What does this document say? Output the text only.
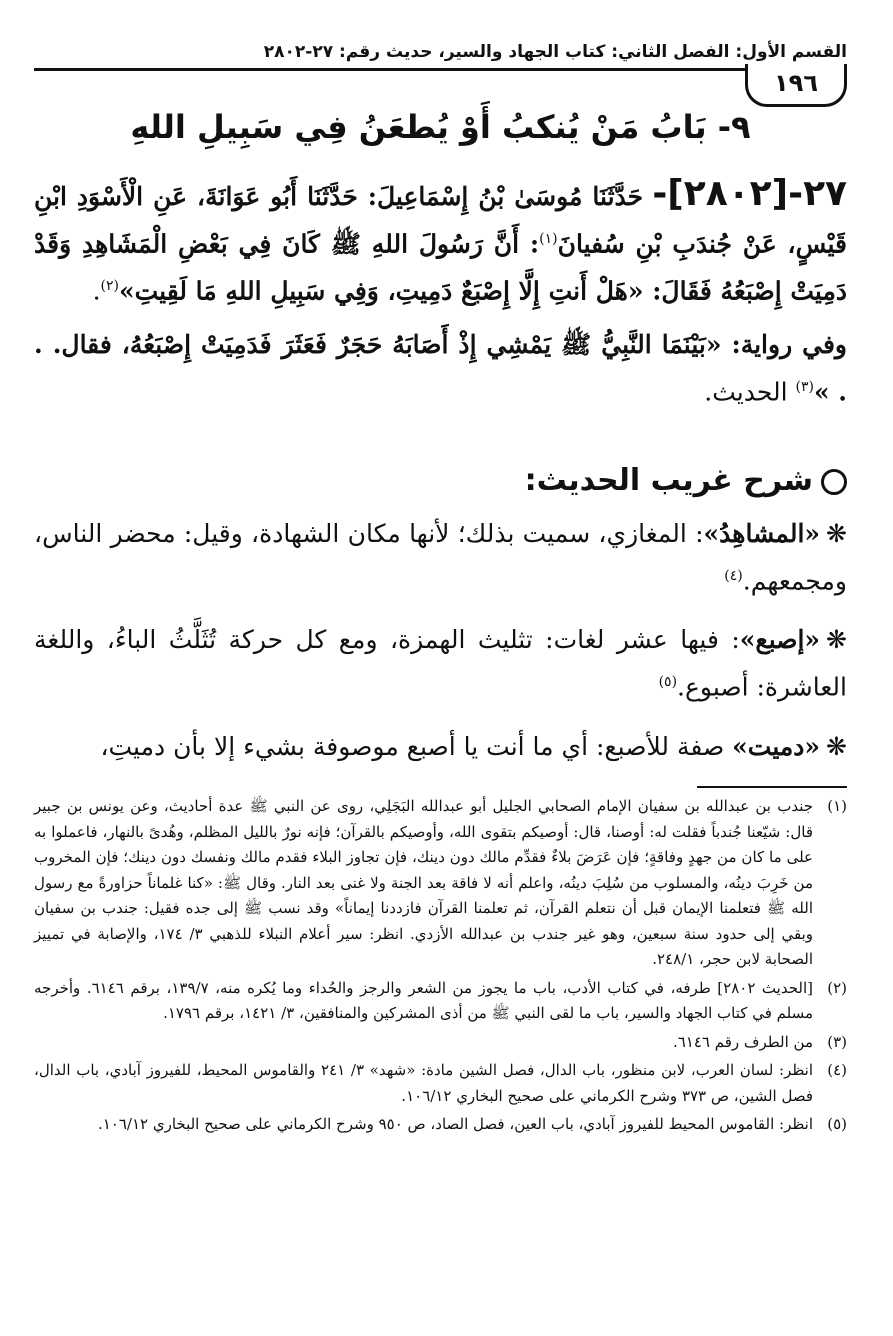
القسم الأول: الفصل الثاني: كتاب الجهاد والسير، حديث رقم: ٢٧-٢٨٠٢
١٩٦
٩- بَابُ مَنْ يُنكبُ أَوْ يُطعَنُ فِي سَبِيلِ اللهِ

٢٧-[٢٨٠٢]- حَدَّثَنَا مُوسَىٰ بْنُ إِسْمَاعِيلَ: حَدَّثَنَا أَبُو عَوَانَةَ، عَنِ الْأَسْوَدِ ابْنِ قَيْسٍ، عَنْ جُندَبِ بْنِ سُفيانَ$^{(١)}$: أَنَّ رَسُولَ اللهِ ﷺ كَانَ فِي بَعْضِ الْمَشَاهِدِ وَقَدْ دَمِيَتْ إِصْبَعُهُ فَقَالَ: «هَلْ أَنتِ إِلَّا إِصْبَعٌ دَمِيتِ، وَفِي سَبِيلِ اللهِ مَا لَقِيتِ»$^{(٢)}$.

وفي رواية: «بَيْنَمَا النَّبِيُّ ﷺ يَمْشِي إِذْ أَصَابَهُ حَجَرٌ فَعَثَرَ فَدَمِيَتْ إِصْبَعُهُ، فقال. . . »$^{(٣)}$ الحديث.

شرح غريب الحديث:

❋«المشاهِدُ»: المغازي، سميت بذلك؛ لأنها مكان الشهادة، وقيل: محضر الناس، ومجمعهم.$^{(٤)}$

❋«إصبع»: فيها عشر لغات: تثليث الهمزة، ومع كل حركة تُثَلَّثُ الباءُ، واللغة العاشرة: أصبوع.$^{(٥)}$

❋«دميت» صفة للأصبع: أي ما أنت يا أصبع موصوفة بشيء إلا بأن دميتِ،

(١)
جندب بن عبدالله بن سفيان الإمام الصحابي الجليل أبو عبدالله البَجَلِي، روى عن النبي ﷺ عدة أحاديث، وعن يونس بن جبير قال: شيّعنا جُندباً فقلت له: أوصنا، قال: أوصيكم بتقوى الله، وأوصيكم بالقرآن؛ فإنه نورٌ بالليل المظلم، وهُدىً بالنهار، فاعملوا به على ما كان من جهدٍ وفاقةٍ؛ فإن عَرَضَ بلاءٌ فقدِّم مالك دون دينك، فإن تجاوز البلاء فقدم مالك ونفسك دون دينك؛ فإن المخروب من خَرِبَ دينُه، والمسلوب من سُلِبَ دينُه، واعلم أنه لا فاقة بعد الجنة ولا غنى بعد النار. وقال ﷺ: «كنا غلماناً حزاورةً مع رسول الله ﷺ فتعلمنا الإيمان قبل أن نتعلم القرآن، ثم تعلمنا القرآن فازددنا إيماناً» وقد نسب ﷺ إلى جده فقيل: جندب بن سفيان وبقي إلى حدود سنة سبعين، وهو غير جندب بن عبدالله الأزدي. انظر: سير أعلام النبلاء للذهبي ٣/ ١٧٤، والإصابة في تمييز الصحابة لابن حجر، ٢٤٨/١.
(٢)
[الحديث ٢٨٠٢] طرفه، في كتاب الأدب، باب ما يجوز من الشعر والرجز والحُداء وما يُكره منه، ١٣٩/٧، برقم ٦١٤٦. وأخرجه مسلم في كتاب الجهاد والسير، باب ما لقى النبي ﷺ من أذى المشركين والمنافقين، ٣/ ١٤٢١، برقم ١٧٩٦.
(٣)
من الطرف رقم ٦١٤٦.
(٤)
انظر: لسان العرب، لابن منظور، باب الدال، فصل الشين مادة: «شهد» ٣/ ٢٤١ والقاموس المحيط، للفيروز آبادي، باب الدال، فصل الشين، ص ٣٧٣ وشرح الكرماني على صحيح البخاري ١٠٦/١٢.
(٥)
انظر: القاموس المحيط للفيروز آبادي، باب العين، فصل الصاد، ص ٩٥٠ وشرح الكرماني على صحيح البخاري ١٠٦/١٢.
